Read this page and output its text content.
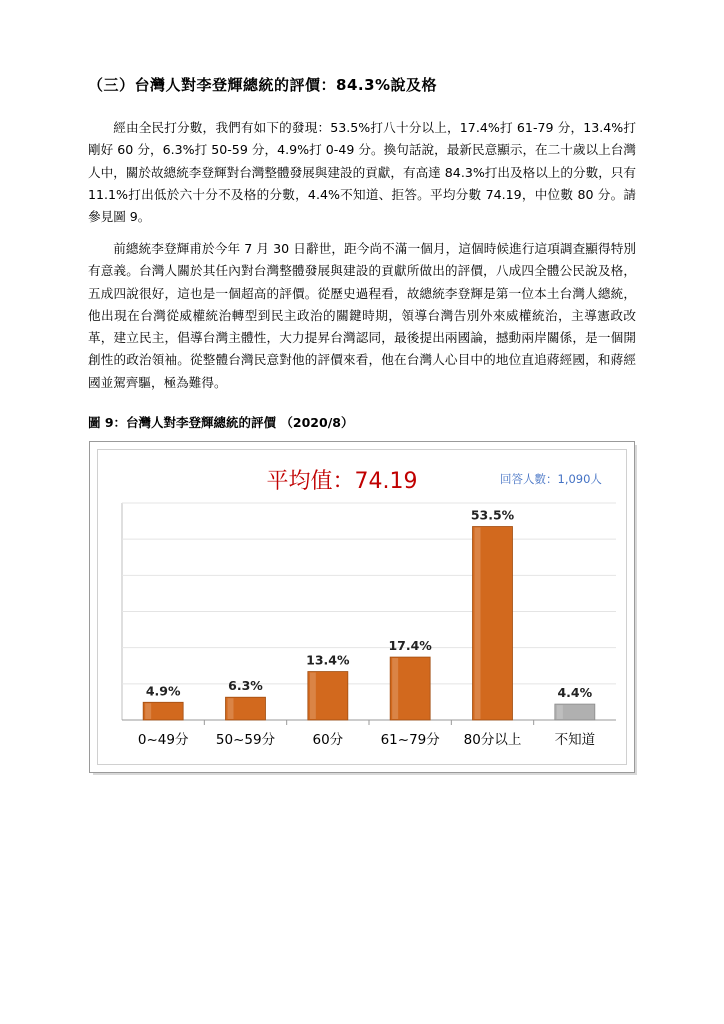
（三）台灣人對李登輝總統的評價：84.3%說及格
經由全民打分數，我們有如下的發現：53.5%打八十分以上，17.4%打 61-79 分，13.4%打剛好 60 分，6.3%打 50-59 分，4.9%打 0-49 分。換句話說，最新民意顯示，在二十歲以上台灣人中，關於故總統李登輝對台灣整體發展與建設的貢獻，有高達 84.3%打出及格以上的分數，只有 11.1%打出低於六十分不及格的分數，4.4%不知道、拒答。平均分數 74.19，中位數 80 分。請參見圖 9。
前總統李登輝甫於今年 7 月 30 日辭世，距今尚不滿一個月，這個時候進行這項調查顯得特別有意義。台灣人關於其任內對台灣整體發展與建設的貢獻所做出的評價，八成四全體公民說及格，五成四說很好，這也是一個超高的評價。從歷史過程看，故總統李登輝是第一位本土台灣人總統，他出現在台灣從威權統治轉型到民主政治的關鍵時期，領導台灣告別外來威權統治，主導憲政改革，建立民主，倡導台灣主體性，大力提昇台灣認同，最後提出兩國論，撼動兩岸關係，是一個開創性的政治領袖。從整體台灣民意對他的評價來看，他在台灣人心目中的地位直追蔣經國，和蔣經國並駕齊驅，極為難得。
圖 9：台灣人對李登輝總統的評價 （2020/8）
平均值：74.19	回答人數：1,090人
4.9%
0~49分
6.3%
50~59分
13.4%
60分
17.4%
61~79分
53.5%
80分以上
4.4%
不知道
